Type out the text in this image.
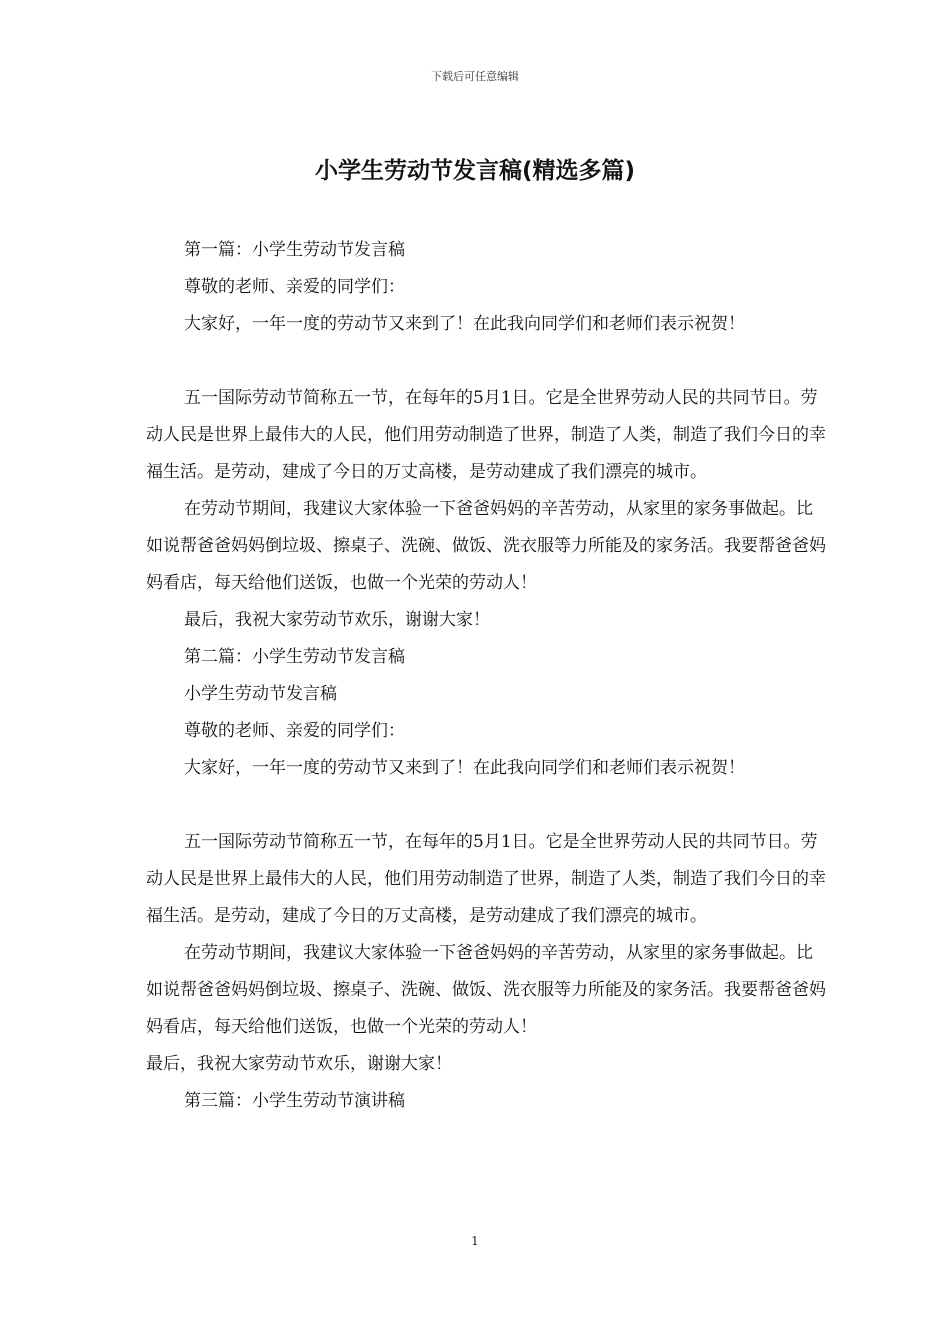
下载后可任意编辑
小学生劳动节发言稿(精选多篇)

第一篇：小学生劳动节发言稿

尊敬的老师、亲爱的同学们：

大家好，一年一度的劳动节又来到了！在此我向同学们和老师们表示祝贺！

五一国际劳动节简称五一节，在每年的5月1日。它是全世界劳动人民的共同节日。劳动人民是世界上最伟大的人民，他们用劳动制造了世界，制造了人类，制造了我们今日的幸福生活。是劳动，建成了今日的万丈高楼，是劳动建成了我们漂亮的城市。

在劳动节期间，我建议大家体验一下爸爸妈妈的辛苦劳动，从家里的家务事做起。比如说帮爸爸妈妈倒垃圾、擦桌子、洗碗、做饭、洗衣服等力所能及的家务活。我要帮爸爸妈妈看店，每天给他们送饭，也做一个光荣的劳动人！

最后，我祝大家劳动节欢乐，谢谢大家！

第二篇：小学生劳动节发言稿

小学生劳动节发言稿

尊敬的老师、亲爱的同学们：

大家好，一年一度的劳动节又来到了！在此我向同学们和老师们表示祝贺！

五一国际劳动节简称五一节，在每年的5月1日。它是全世界劳动人民的共同节日。劳动人民是世界上最伟大的人民，他们用劳动制造了世界，制造了人类，制造了我们今日的幸福生活。是劳动，建成了今日的万丈高楼，是劳动建成了我们漂亮的城市。

在劳动节期间，我建议大家体验一下爸爸妈妈的辛苦劳动，从家里的家务事做起。比如说帮爸爸妈妈倒垃圾、擦桌子、洗碗、做饭、洗衣服等力所能及的家务活。我要帮爸爸妈妈看店，每天给他们送饭，也做一个光荣的劳动人！

最后，我祝大家劳动节欢乐，谢谢大家！

第三篇：小学生劳动节演讲稿

1
